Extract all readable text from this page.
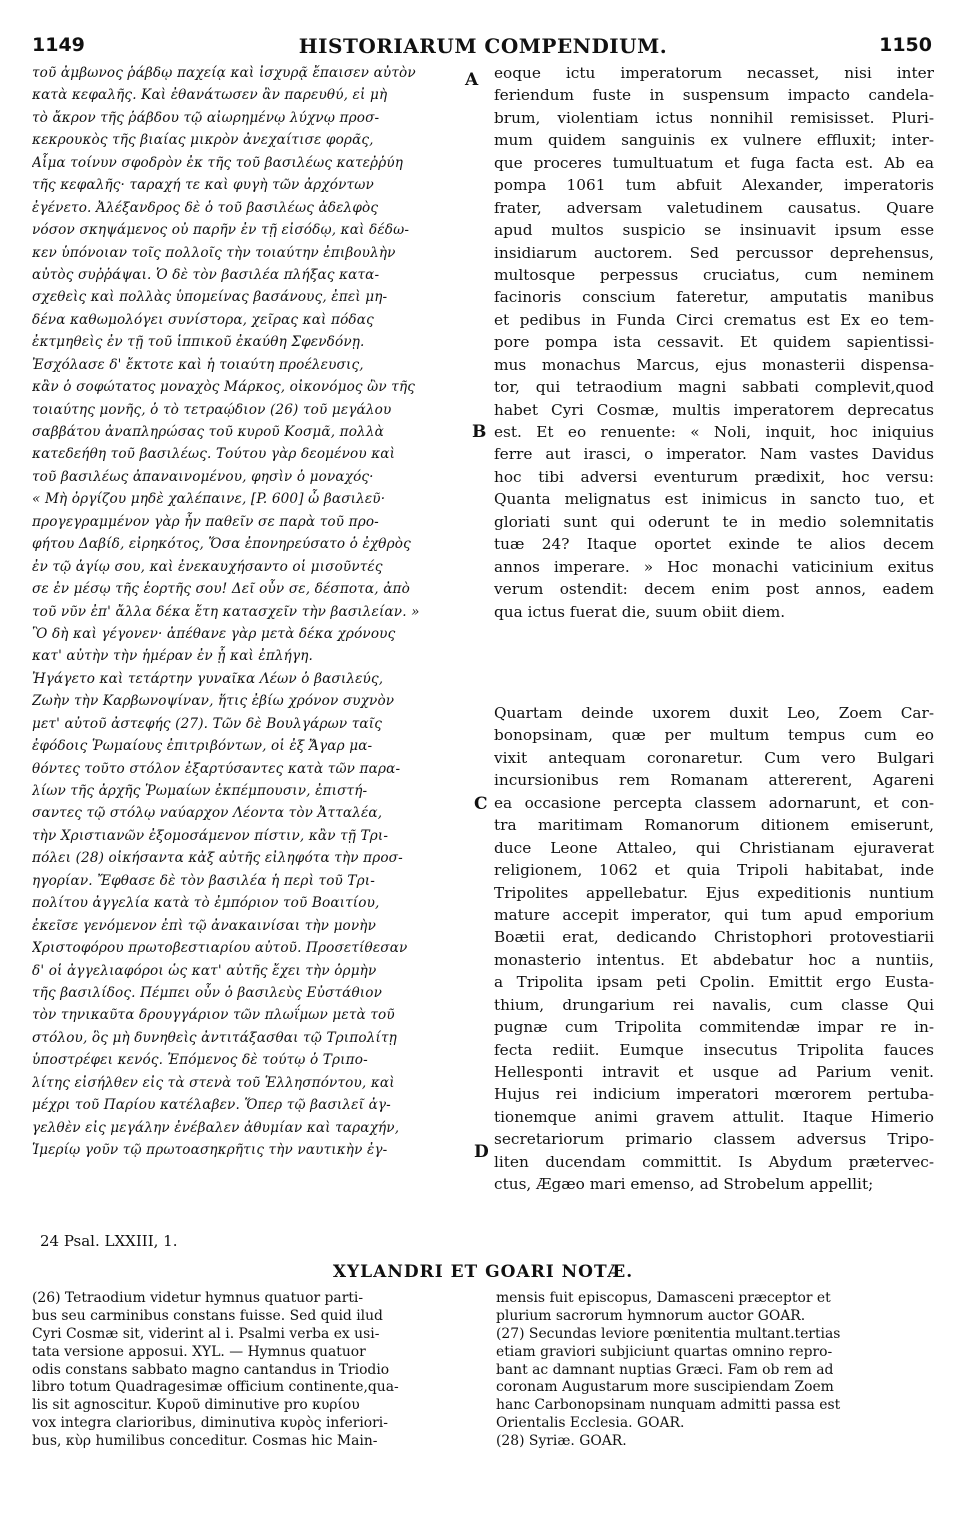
1149	HISTORIARUM COMPENDIUM.	1150
τοῦ ἀμβωνος ῥάβδῳ παχείᾳ καὶ ἰσχυρᾷ ἔπαισεν αὐτὸν
κατὰ κεφαλῆς. Καὶ ἐθανάτωσεν ἂν παρευθύ, εἰ μὴ
τὸ ἄκρον τῆς ῥάβδου τῷ αἰωρημένῳ λύχνῳ προσ-
κεκρουκὸς τῆς βιαίας μικρὸν ἀνεχαίτισε φορᾶς,
Αἷμα τοίνυν σφοδρὸν ἐκ τῆς τοῦ βασιλέως κατεῤῥύη
τῆς κεφαλῆς· ταραχή τε καὶ φυγὴ τῶν ἀρχόντων
ἐγένετο. Ἀλέξανδρος δὲ ὁ τοῦ βασιλέως ἀδελφὸς
νόσον σκηψάμενος οὐ παρῆν ἐν τῇ εἰσόδῳ, καὶ δέδω-
κεν ὑπόνοιαν τοῖς πολλοῖς τὴν τοιαύτην ἐπιβουλὴν
αὐτὸς συῤῥάψαι. Ὁ δὲ τὸν βασιλέα πλήξας κατα-
σχεθεὶς καὶ πολλὰς ὑπομείνας βασάνους, ἐπεὶ μη-
δένα καθωμολόγει συνίστορα, χεῖρας καὶ πόδας
ἐκτμηθεὶς ἐν τῇ τοῦ ἱππικοῦ ἐκαύθη Σφενδόνῃ.
Ἐσχόλασε δ' ἔκτοτε καὶ ἡ τοιαύτη προέλευσις,
κἂν ὁ σοφώτατος μοναχὸς Μάρκος, οἰκονόμος ὢν τῆς
τοιαύτης μονῆς, ὁ τὸ τετραῴδιον (26) τοῦ μεγάλου
σαββάτου ἀναπληρώσας τοῦ κυροῦ Κοσμᾶ, πολλὰ
κατεδεήθη τοῦ βασιλέως. Τούτου γὰρ δεομένου καὶ
τοῦ βασιλέως ἀπαναινομένου, φησὶν ὁ μοναχός·
« Μὴ ὀργίζου μηδὲ χαλέπαινε, [P. 600] ὦ βασιλεῦ·
προγεγραμμένον γὰρ ἦν παθεῖν σε παρὰ τοῦ προ-
φήτου Δαβίδ, εἰρηκότος, Ὅσα ἐπονηρεύσατο ὁ ἐχθρὸς
ἐν τῷ ἁγίῳ σου, καὶ ἐνεκαυχήσαντο οἱ μισοῦντές
σε ἐν μέσῳ τῆς ἑορτῆς σου! Δεῖ οὖν σε, δέσποτα, ἀπὸ
τοῦ νῦν ἐπ' ἄλλα δέκα ἔτη κατασχεῖν τὴν βασιλείαν. »
Ὃ δὴ καὶ γέγονεν· ἀπέθανε γὰρ μετὰ δέκα χρόνους
κατ' αὐτὴν τὴν ἡμέραν ἐν ᾗ καὶ ἐπλήγη.
Ἠγάγετο καὶ τετάρτην γυναῖκα Λέων ὁ βασιλεύς,
Ζωὴν τὴν Καρβωνοψίναν, ἥτις ἐβίω χρόνον συχνὸν
μετ' αὐτοῦ ἀστεφής (27). Τῶν δὲ Βουλγάρων ταῖς
ἐφόδοις Ῥωμαίους ἐπιτριβόντων, οἱ ἐξ Ἄγαρ μα-
θόντες τοῦτο στόλον ἐξαρτύσαντες κατὰ τῶν παρα-
λίων τῆς ἀρχῆς Ῥωμαίων ἐκπέμπουσιν, ἐπιστή-
σαντες τῷ στόλῳ ναύαρχον Λέοντα τὸν Ἀτταλέα,
τὴν Χριστιανῶν ἐξομοσάμενον πίστιν, κἂν τῇ Τρι-
πόλει (28) οἰκήσαντα κἀξ αὐτῆς εἰληφότα τὴν προσ-
ηγορίαν. Ἔφθασε δὲ τὸν βασιλέα ἡ περὶ τοῦ Τρι-
πολίτου ἀγγελία κατὰ τὸ ἐμπόριον τοῦ Βοαιτίου,
ἐκεῖσε γενόμενον ἐπὶ τῷ ἀνακαινίσαι τὴν μονὴν
Χριστοφόρου πρωτοβεστιαρίου αὐτοῦ. Προσετίθεσαν
δ' οἱ ἀγγελιαφόροι ὡς κατ' αὐτῆς ἔχει τὴν ὁρμὴν
τῆς βασιλίδος. Πέμπει οὖν ὁ βασιλεὺς Εὐστάθιον
τὸν τηνικαῦτα δρουγγάριον τῶν πλωΐμων μετὰ τοῦ
στόλου, ὃς μὴ δυνηθεὶς ἀντιτάξασθαι τῷ Τριπολίτῃ
ὑποστρέφει κενός. Ἑπόμενος δὲ τούτῳ ὁ Τριπο-
λίτης εἰσήλθεν εἰς τὰ στενὰ τοῦ Ἑλλησπόντου, καὶ
μέχρι τοῦ Παρίου κατέλαβεν. Ὅπερ τῷ βασιλεῖ ἀγ-
γελθὲν εἰς μεγάλην ἐνέβαλεν ἀθυμίαν καὶ ταραχήν,
Ἱμερίῳ γοῦν τῷ πρωτοασηκρῆτις τὴν ναυτικὴν ἐγ-
eoque ictu imperatorum necasset, nisi inter
feriendum fuste in suspensum impacto candela-
brum, violentiam ictus nonnihil remisisset. Pluri-
mum quidem sanguinis ex vulnere effluxit; inter-
que proceres tumultuatum et fuga facta est. Ab ea
pompa 1061 tum abfuit Alexander, imperatoris
frater, adversam valetudinem causatus. Quare
apud multos suspicio se insinuavit ipsum esse
insidiarum auctorem. Sed percussor deprehensus,
multosque perpessus cruciatus, cum neminem
facinoris conscium fateretur, amputatis manibus
et pedibus in Funda Circi crematus est Ex eo tem-
pore pompa ista cessavit. Et quidem sapientissi-
mus monachus Marcus, ejus monasterii dispensa-
tor, qui tetraodium magni sabbati complevit,quod
habet Cyri Cosmæ, multis imperatorem deprecatus
est. Et eo renuente: « Noli, inquit, hoc iniquius
ferre aut irasci, o imperator. Nam vastes Davidus
hoc tibi adversi eventurum prædixit, hoc versu:
Quanta melignatus est inimicus in sancto tuo, et
gloriati sunt qui oderunt te in medio solemnitatis
tuæ 24? Itaque oportet exinde te alios decem
annos imperare. » Hoc monachi vaticinium exitus
verum ostendit: decem enim post annos, eadem
qua ictus fuerat die, suum obiit diem.
Quartam deinde uxorem duxit Leo, Zoem Car-
bonopsinam, quæ per multum tempus cum eo
vixit antequam coronaretur. Cum vero Bulgari
incursionibus rem Romanam attererent, Agareni
ea occasione percepta classem adornarunt, et con-
tra maritimam Romanorum ditionem emiserunt,
duce Leone Attaleo, qui Christianam ejuraverat
religionem, 1062 et quia Tripoli habitabat, inde
Tripolites appellebatur. Ejus expeditionis nuntium
mature accepit imperator, qui tum apud emporium
Boætii erat, dedicando Christophori protovestiarii
monasterio intentus. Et abdebatur hoc a nuntiis,
a Tripolita ipsam peti Cpolin. Emittit ergo Eusta-
thium, drungarium rei navalis, cum classe Qui
pugnæ cum Tripolita commitendæ impar re in-
fecta rediit. Eumque insecutus Tripolita fauces
Hellesponti intravit et usque ad Parium venit.
Hujus rei indicium imperatori mœrorem pertuba-
tionemque animi gravem attulit. Itaque Himerio
secretariorum primario classem adversus Tripo-
liten ducendam committit. Is Abydum prætervec-
ctus, Ægæo mari emenso, ad Strobelum appellit;
A
B
C
D
24 Psal. LXXIII, 1.
XYLANDRI ET GOARI NOTÆ.
(26) Tetraodium videtur hymnus quatuor parti-
bus seu carminibus constans fuisse. Sed quid ilud
Cyri Cosmæ sit, viderint al i. Psalmi verba ex usi-
tata versione apposui. XYL. — Hymnus quatuor
odis constans sabbato magno cantandus in Triodio
libro totum Quadragesimæ officium continente,qua-
lis sit agnoscitur. Κυροῦ diminutive pro κυρίου
vox integra clarioribus, diminutiva κυρὸς inferiori-
bus, κὺρ humilibus conceditur. Cosmas hic Main-
mensis fuit episcopus, Damasceni præceptor et
plurium sacrorum hymnorum auctor GOAR.
(27) Secundas leviore pœnitentia multant.tertias
etiam graviori subjiciunt quartas omnino repro-
bant ac damnant nuptias Græci. Fam ob rem ad
coronam Augustarum more suscipiendam Zoem
hanc Carbonopsinam nunquam admitti passa est
Orientalis Ecclesia. GOAR.
(28) Syriæ. GOAR.
